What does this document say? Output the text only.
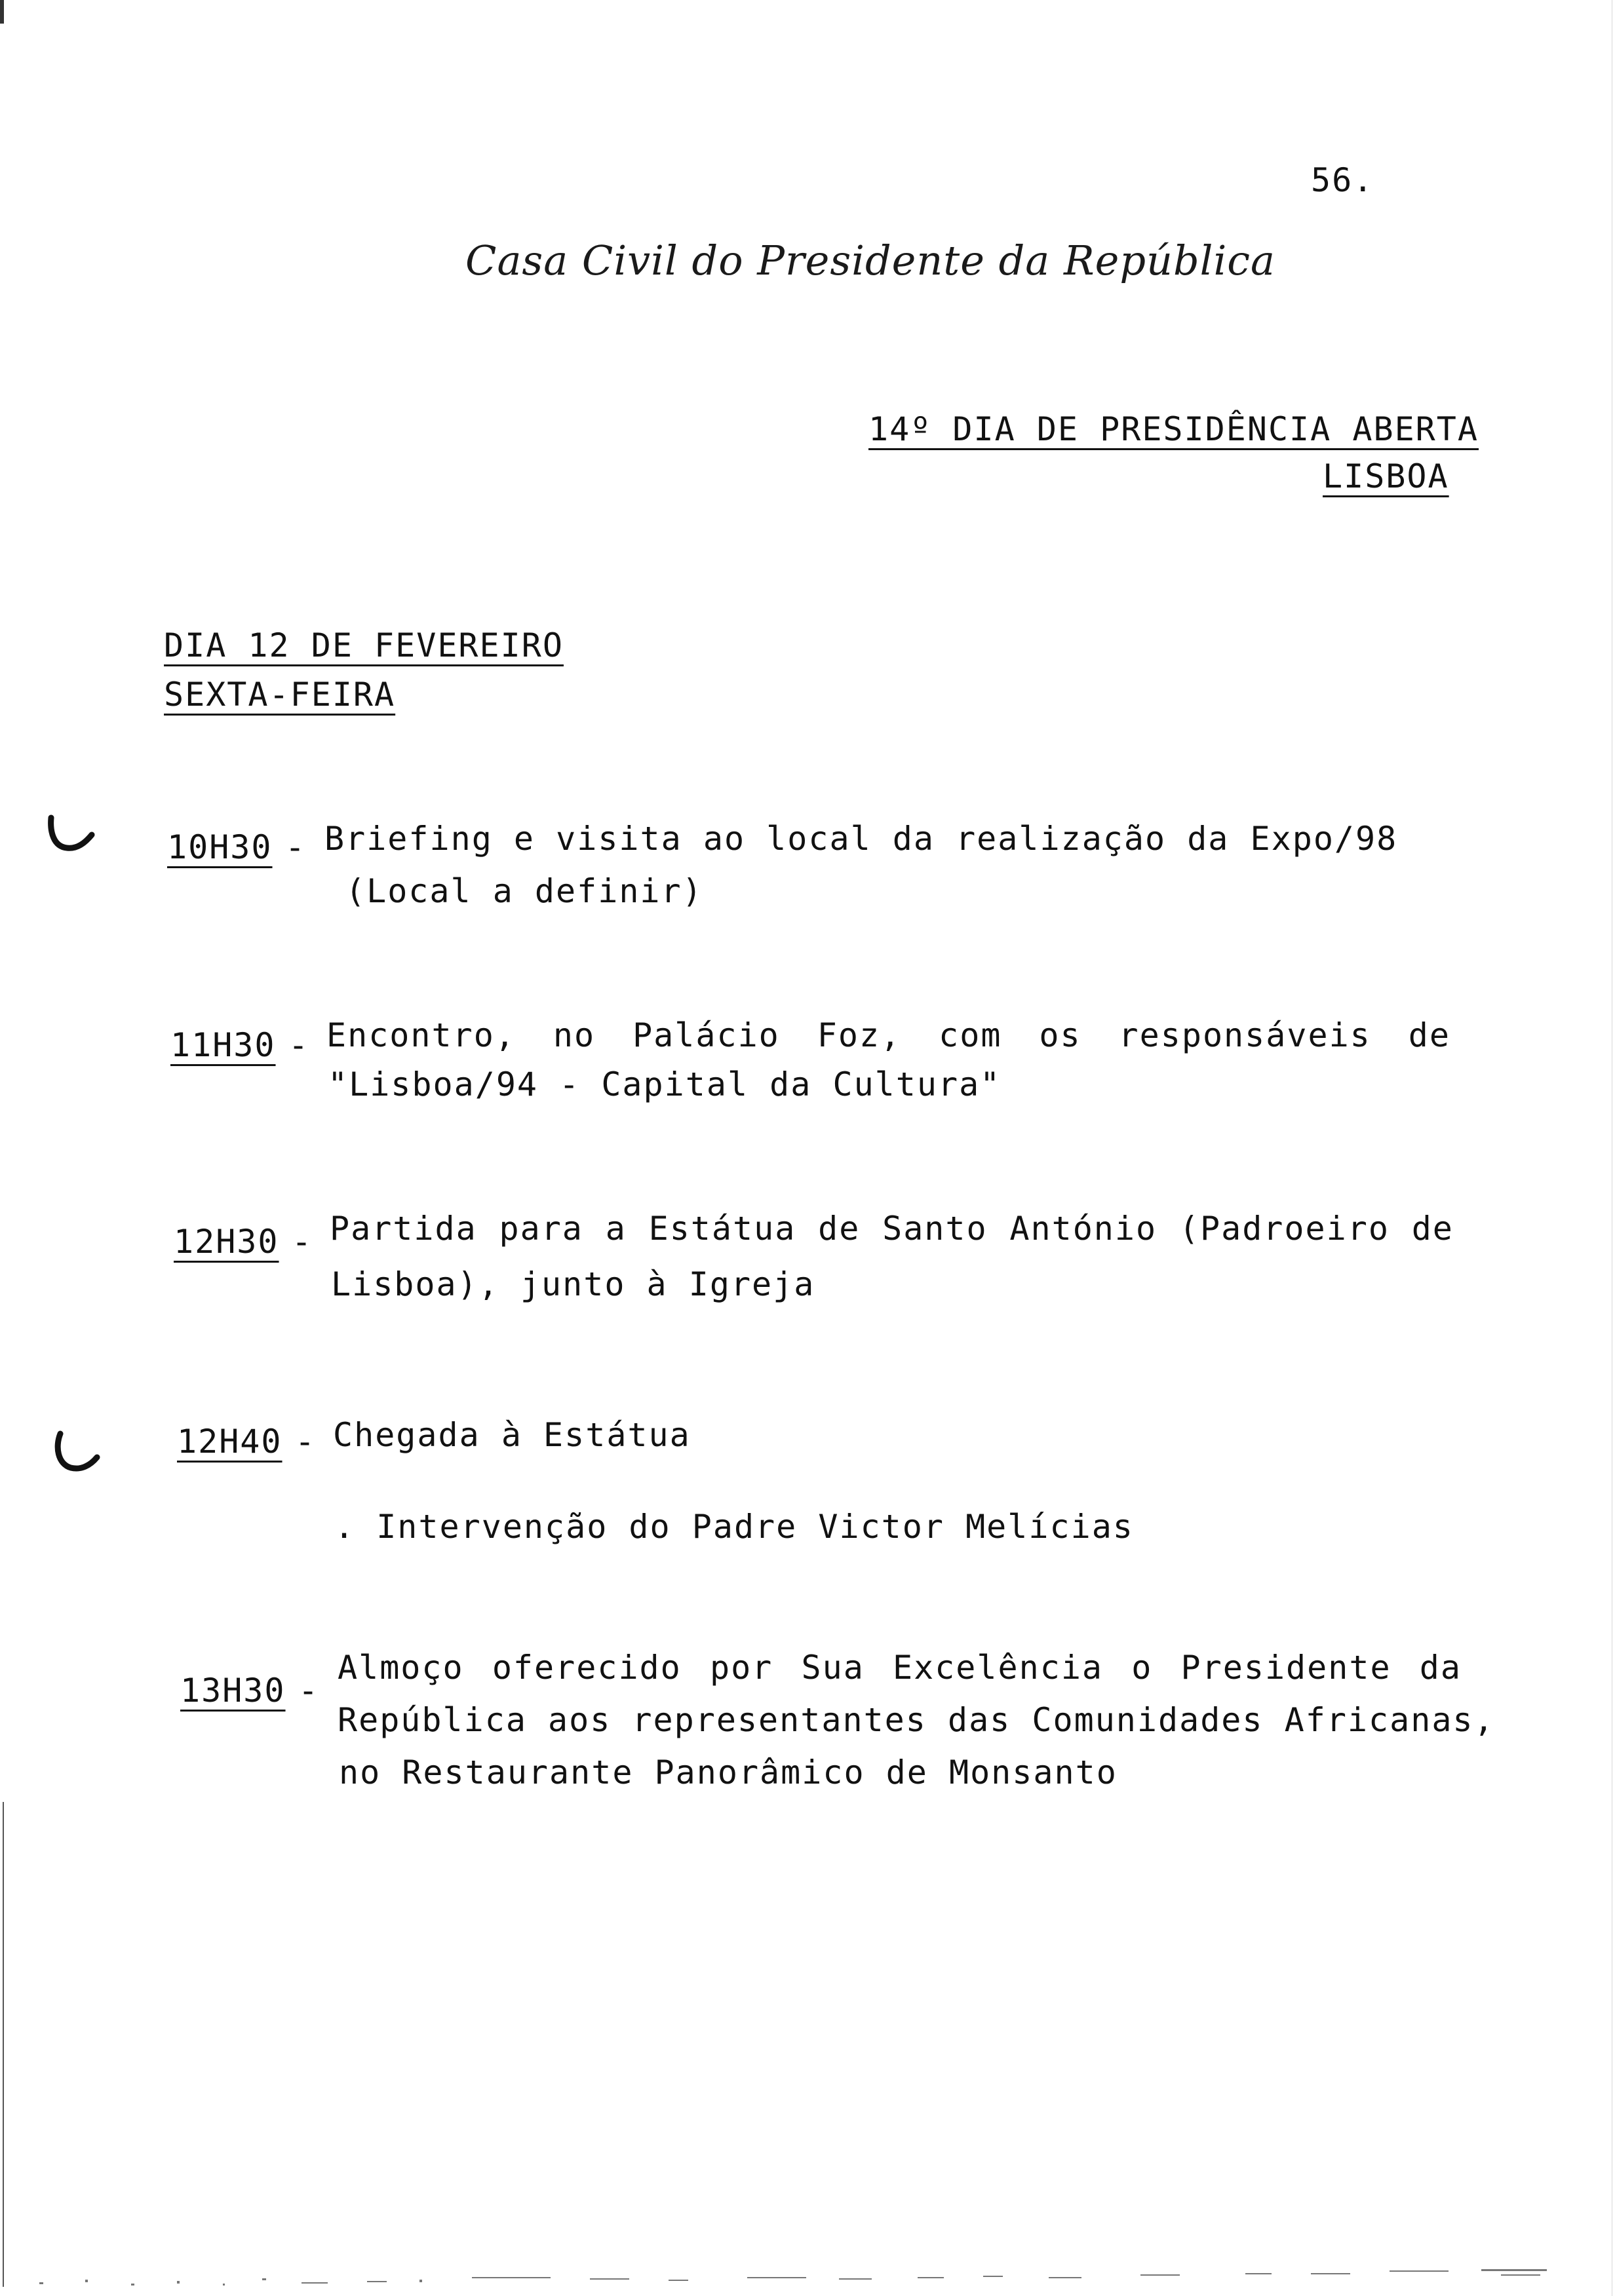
56.
Casa Civil do Presidente da República
14º DIA DE PRESIDÊNCIA ABERTA
LISBOA
DIA 12 DE FEVEREIRO
SEXTA-FEIRA
10H30 - Briefing e visita ao local da realização da Expo/98
(Local a definir)
11H30 - Encontro, no Palácio Foz, com os responsáveis de
"Lisboa/94 - Capital da Cultura"
12H30 - Partida para a Estátua de Santo António (Padroeiro de
Lisboa), junto à Igreja
12H40 - Chegada à Estátua
. Intervenção do Padre Victor Melícias
13H30 -
Almoço oferecido por Sua Excelência o Presidente da
República aos representantes das Comunidades Africanas,
no Restaurante Panorâmico de Monsanto
